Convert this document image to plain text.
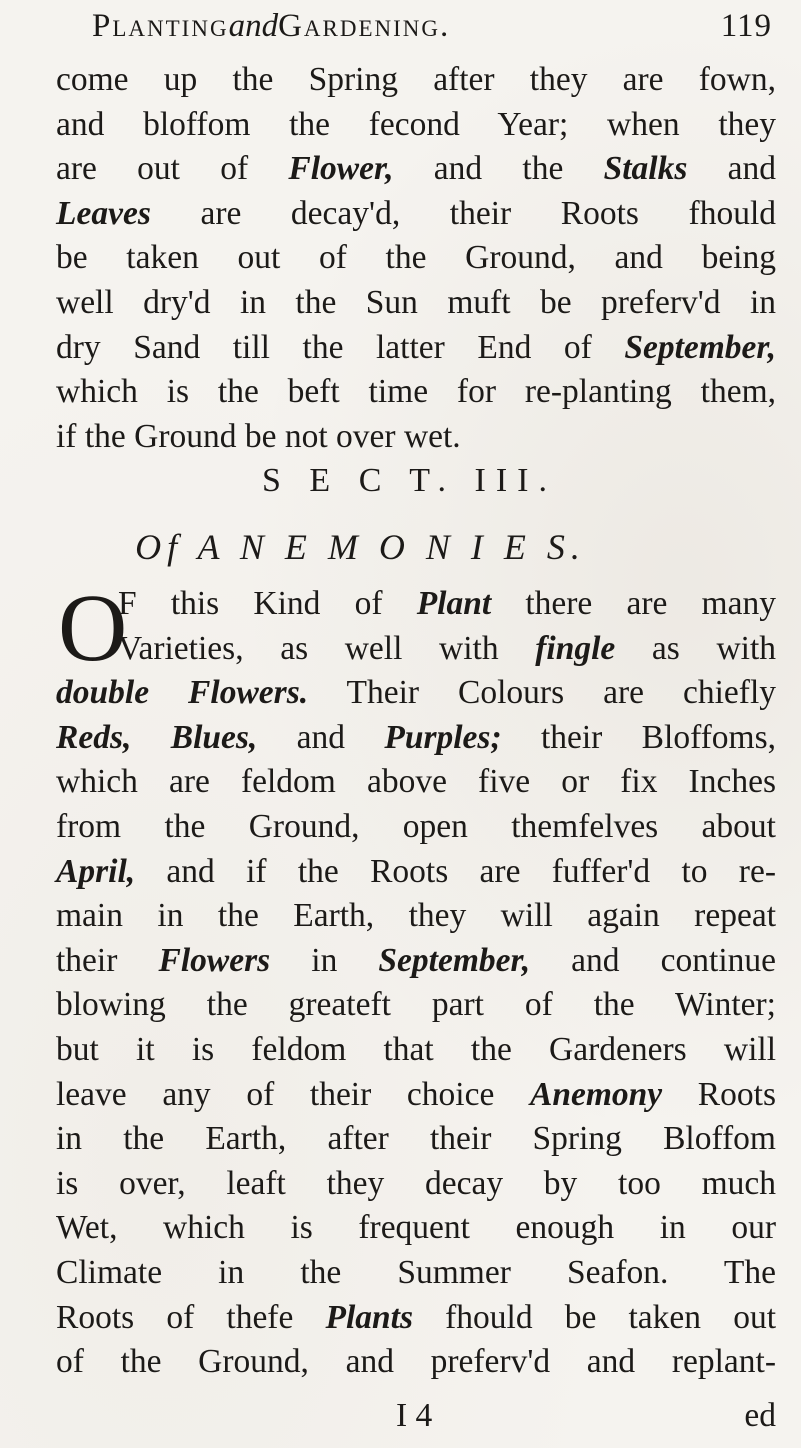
PlantingandGardening.	119
come up the Spring after they are fown,
and bloffom the fecond Year; when they
are out of Flower, and the Stalks and
Leaves are decay'd, their Roots fhould
be taken out of the Ground, and being
well dry'd in the Sun muft be preferv'd in
dry Sand till the latter End of September,
which is the beft time for re-planting them,
if the Ground be not over wet.
S E C T. III.
Of A N E M O N I E S.
O
F this Kind of Plant there are many
Varieties, as well with fingle as with
double Flowers. Their Colours are chiefly
Reds, Blues, and Purples; their Bloffoms,
which are feldom above five or fix Inches
from the Ground, open themfelves about
April, and if the Roots are fuffer'd to re-
main in the Earth, they will again repeat
their Flowers in September, and continue
blowing the greateft part of the Winter;
but it is feldom that the Gardeners will
leave any of their choice Anemony Roots
in the Earth, after their Spring Bloffom
is over, leaft they decay by too much
Wet, which is frequent enough in our
Climate in the Summer Seafon. The
Roots of thefe Plants fhould be taken out
of the Ground, and preferv'd and replant-
I 4	ed
